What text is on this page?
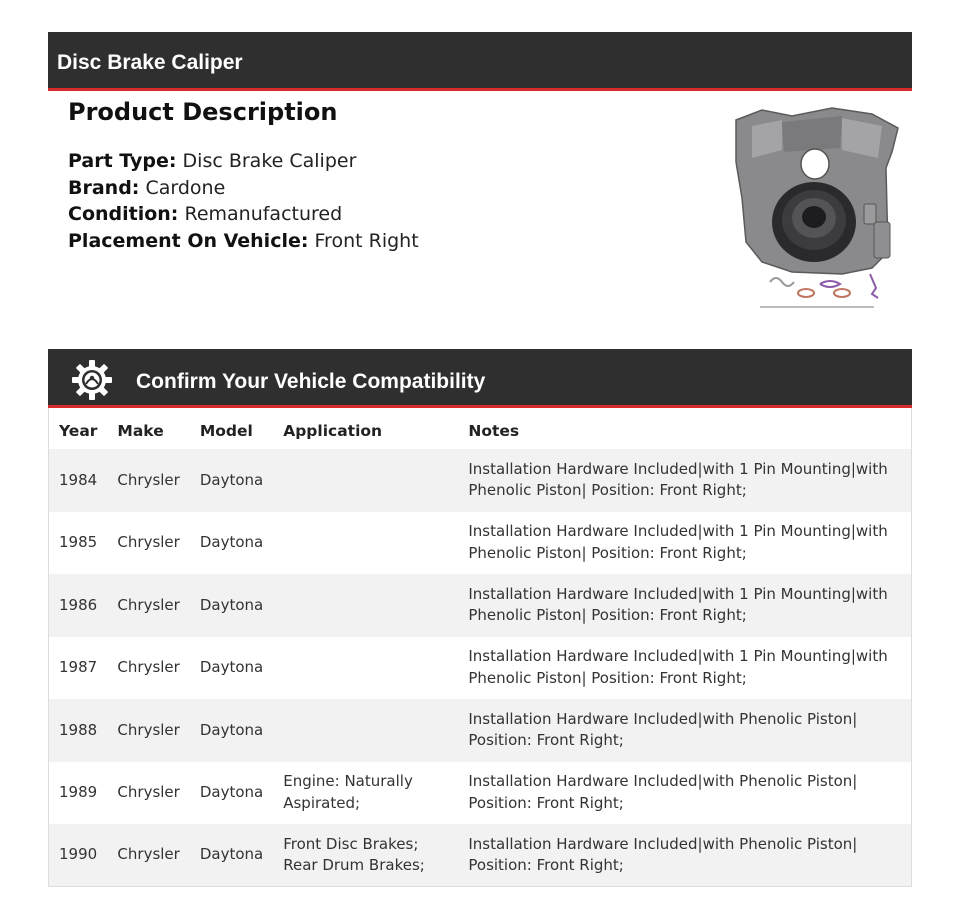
Disc Brake Caliper
Product Description
Part Type: Disc Brake Caliper
Brand: Cardone
Condition: Remanufactured
Placement On Vehicle: Front Right
Confirm Your Vehicle Compatibility
Year	Make	Model	Application	Notes
1984	Chrysler	Daytona		Installation Hardware Included|with 1 Pin Mounting|with Phenolic Piston| Position: Front Right;
1985	Chrysler	Daytona		Installation Hardware Included|with 1 Pin Mounting|with Phenolic Piston| Position: Front Right;
1986	Chrysler	Daytona		Installation Hardware Included|with 1 Pin Mounting|with Phenolic Piston| Position: Front Right;
1987	Chrysler	Daytona		Installation Hardware Included|with 1 Pin Mounting|with Phenolic Piston| Position: Front Right;
1988	Chrysler	Daytona		Installation Hardware Included|with Phenolic Piston| Position: Front Right;
1989	Chrysler	Daytona	Engine: Naturally Aspirated;	Installation Hardware Included|with Phenolic Piston| Position: Front Right;
1990	Chrysler	Daytona	Front Disc Brakes; Rear Drum Brakes;	Installation Hardware Included|with Phenolic Piston| Position: Front Right;
